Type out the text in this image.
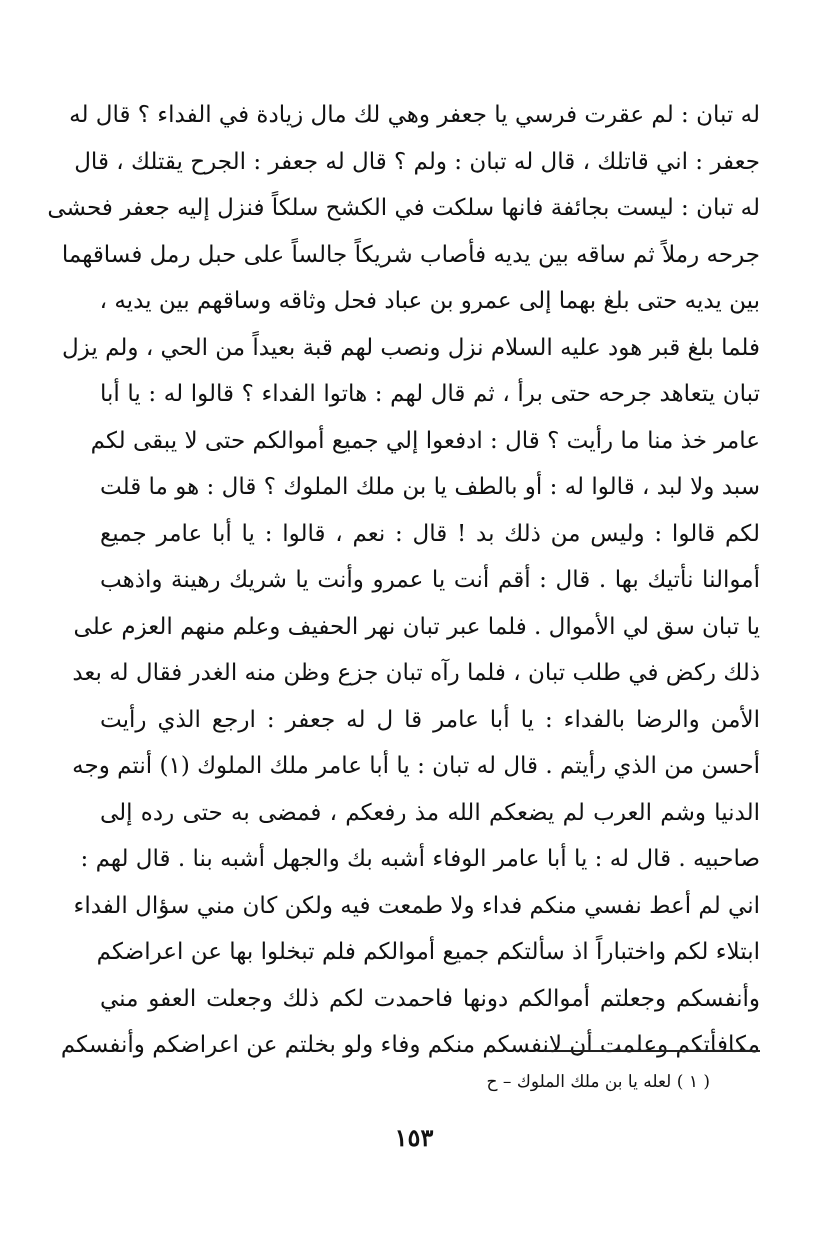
له تبان : لم عقرت فرسي يا جعفر وهي لك مال زيادة في الفداء ؟ قال له
جعفر : اني قاتلك ، قال له تبان : ولم ؟ قال له جعفر : الجرح يقتلك ، قال
له تبان : ليست بجائفة فانها سلكت في الكشح سلكاً فنزل إليه جعفر فحشى
جرحه رملاً ثم ساقه بين يديه فأصاب شريكاً جالساً على حبل رمل فساقهما
بين يديه حتى بلغ بهما إلى عمرو بن عباد فحل وثاقه وساقهم بين يديه ،
فلما بلغ قبر هود عليه السلام نزل ونصب لهم قبة بعيداً من الحي ، ولم يزل
تبان يتعاهد جرحه حتى برأ ، ثم قال لهم : هاتوا الفداء ؟ قالوا له : يا أبا
عامر خذ منا ما رأيت ؟ قال : ادفعوا إلي جميع أموالكم حتى لا يبقى لكم
سبد ولا لبد ، قالوا له : أو بالطف يا بن ملك الملوك ؟ قال : هو ما قلت
لكم قالوا : وليس من ذلك بد ! قال : نعم ، قالوا : يا أبا عامر جميع
أموالنا نأتيك بها . قال : أقم أنت يا عمرو وأنت يا شريك رهينة واذهب
يا تبان سق لي الأموال . فلما عبر تبان نهر الحفيف وعلم منهم العزم على
ذلك ركض في طلب تبان ، فلما رآه تبان جزع وظن منه الغدر فقال له بعد
الأمن والرضا بالفداء : يا أبا عامر قا ل له جعفر : ارجع الذي رأيت
أحسن من الذي رأيتم . قال له تبان : يا أبا عامر ملك الملوك (١) أنتم وجه
الدنيا وشم العرب لم يضعكم الله مذ رفعكم ، فمضى به حتى رده إلى
صاحبيه . قال له : يا أبا عامر الوفاء أشبه بك والجهل أشبه بنا . قال لهم :
اني لم أعط نفسي منكم فداء ولا طمعت فيه ولكن كان مني سؤال الفداء
ابتلاء لكم واختباراً اذ سألتكم جميع أموالكم فلم تبخلوا بها عن اعراضكم
وأنفسكم وجعلتم أموالكم دونها فاحمدت لكم ذلك وجعلت العفو مني
مكافأتكم وعلمت أن لانفسكم منكم وفاء ولو بخلتم عن اعراضكم وأنفسكم
( ١ ) لعله يا بن ملك الملوك – ح
١٥٣
